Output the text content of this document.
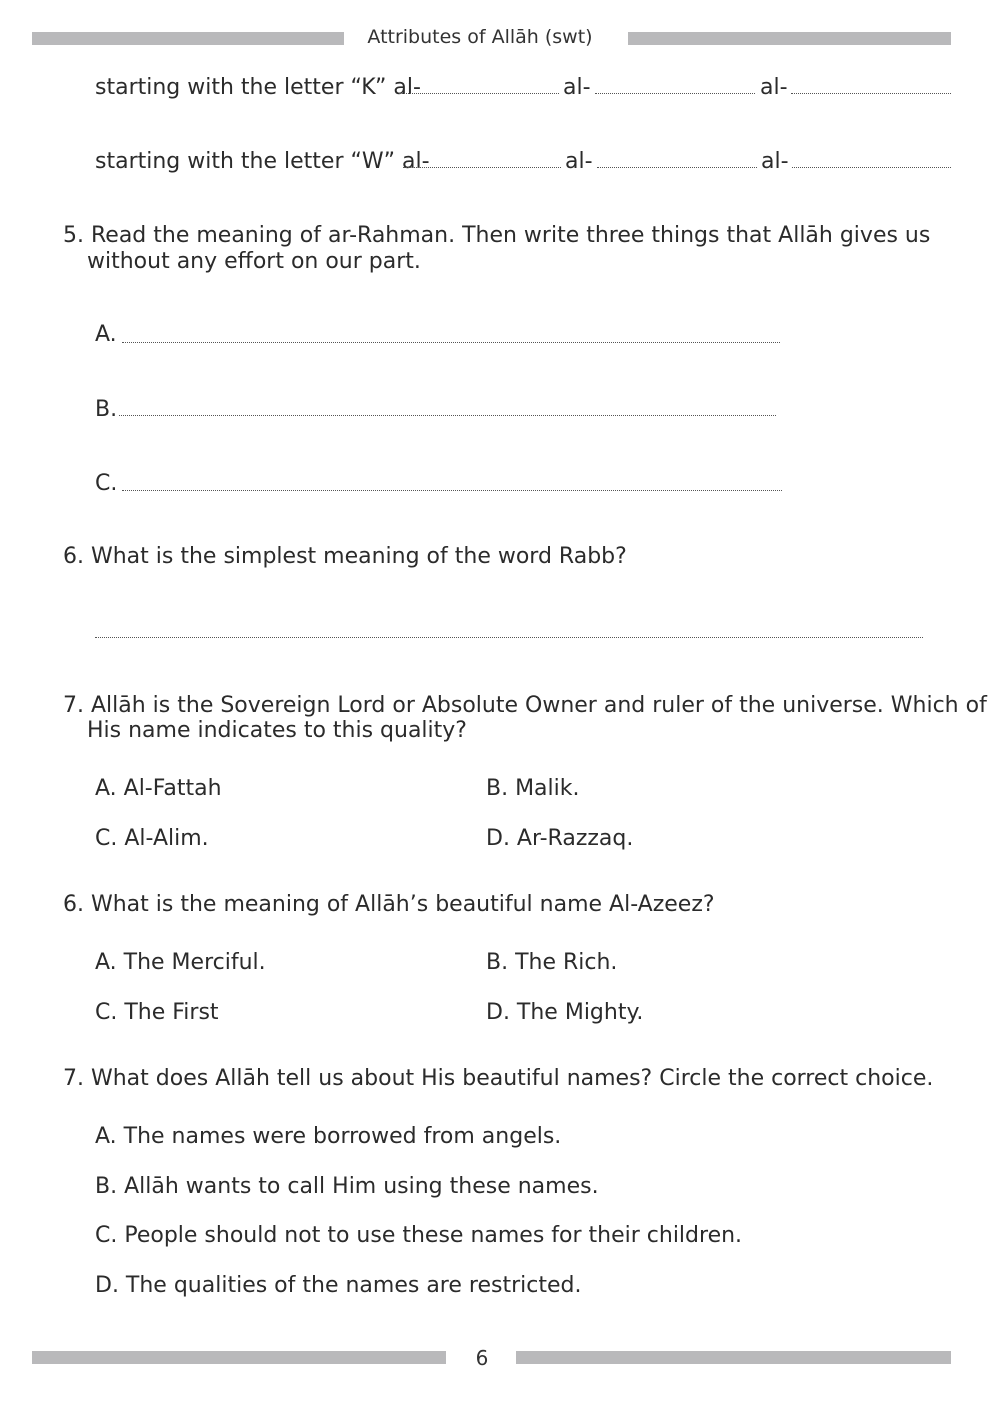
Attributes of Allāh (swt)
starting with the letter “K” al-	al-	al-
starting with the letter “W” al-	al-	al-
5. Read the meaning of ar-Rahman. Then write three things that Allāh gives us
without any effort on our part.
A.
B.
C.
6. What is the simplest meaning of the word Rabb?
7. Allāh is the Sovereign Lord or Absolute Owner and ruler of the universe. Which of
His name indicates to this quality?
A. Al-Fattah	B. Malik.
C. Al-Alim.	D. Ar-Razzaq.
6. What is the meaning of Allāh’s beautiful name Al-Azeez?
A. The Merciful.	B. The Rich.
C. The First	D. The Mighty.
7. What does Allāh tell us about His beautiful names? Circle the correct choice.
A. The names were borrowed from angels.
B. Allāh wants to call Him using these names.
C. People should not to use these names for their children.
D. The qualities of the names are restricted.
6
